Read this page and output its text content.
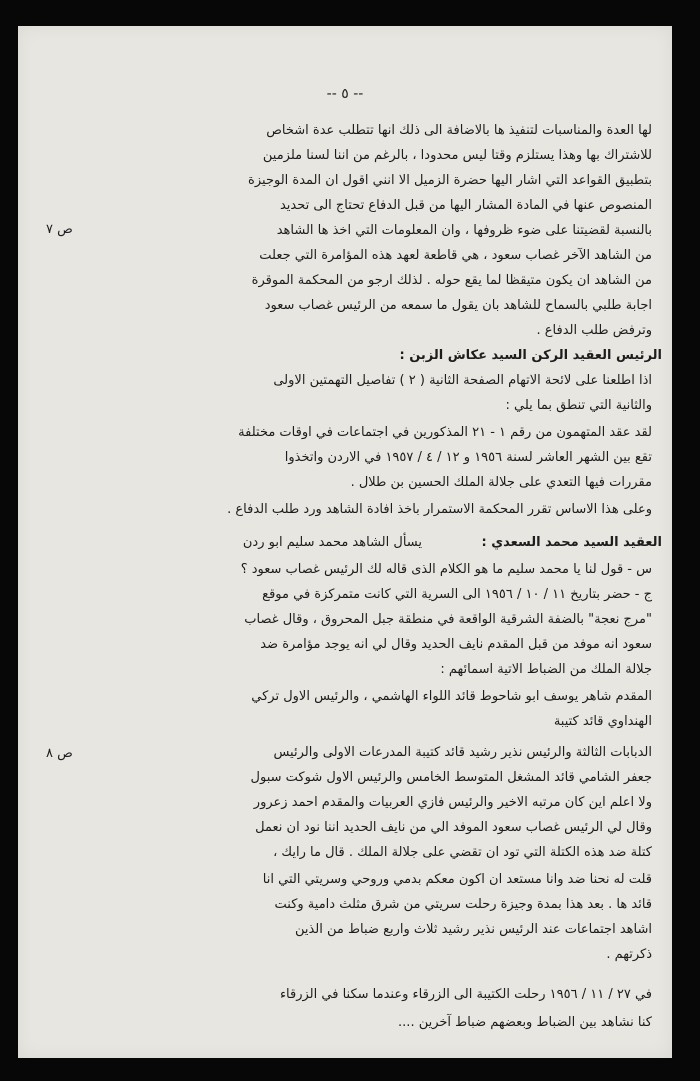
-- ٥ --
ص ٧
ص ٨
لها العدة والمناسبات لتنفيذ ها بالاضافة الى ذلك انها تتطلب عدة اشخاص
للاشتراك بها وهذا يستلزم وقتا ليس محدودا ، بالرغم من اننا لسنا ملزمين
بتطبيق القواعد التي اشار اليها حضرة الزميل الا انني اقول ان المدة الوجيزة
المنصوص عنها في المادة المشار اليها من قبل الدفاع تحتاج الى تحديد
بالنسبة لقضيتنا على ضوء ظروفها ، وان المعلومات التي اخذ ها الشاهد
من الشاهد الآخر غصاب سعود ، هي قاطعة لعهد هذه المؤامرة التي جعلت
من الشاهد ان يكون متيقظا لما يقع حوله . لذلك ارجو من المحكمة الموقرة
اجابة طلبي بالسماح للشاهد بان يقول ما سمعه من الرئيس غصاب سعود
وترفض طلب الدفاع .
الرئيس العقيد الركن السيد عكاش الزبن :
اذا اطلعنا على لائحة الاتهام الصفحة الثانية ( ٢ ) تفاصيل التهمتين الاولى
والثانية التي تنطق بما يلي :
لقد عقد المتهمون من رقم ١ - ٢١ المذكورين في اجتماعات في اوقات مختلفة
تقع بين الشهر العاشر لسنة ١٩٥٦ و ١٢ / ٤ / ١٩٥٧ في الاردن واتخذوا
مقررات فيها التعدي على جلالة الملك الحسين بن طلال .
وعلى هذا الاساس تقرر المحكمة الاستمرار باخذ افادة الشاهد ورد طلب الدفاع .
العقيد السيد محمد السعدي :
يسأل الشاهد محمد سليم ابو ردن
س - قول لنا يا محمد سليم ما هو الكلام الذى قاله لك الرئيس غصاب سعود ؟
ج - حضر بتاريخ ١١ / ١٠ / ١٩٥٦ الى السرية التي كانت متمركزة في موقع
"مرج نعجة" بالضفة الشرقية الواقعة في منطقة جبل المحروق ، وقال غصاب
سعود انه موفد من قبل المقدم نايف الحديد وقال لي انه يوجد مؤامرة ضد
جلالة الملك من الضباط الاتية اسمائهم :
المقدم شاهر يوسف ابو شاحوط قائد اللواء الهاشمي ، والرئيس الاول تركي
الهنداوي قائد كتيبة
الدبابات الثالثة والرئيس نذير رشيد قائد كتيبة المدرعات الاولى والرئيس
جعفر الشامي قائد المشغل المتوسط الخامس والرئيس الاول شوكت سبول
ولا اعلم اين كان مرتبه الاخير والرئيس فازي العربيات والمقدم احمد زعرور
وقال لي الرئيس غصاب سعود الموفد الي من نايف الحديد اننا نود ان نعمل
كتلة ضد هذه الكتلة التي تود ان تقضي على جلالة الملك . قال ما رايك ،
قلت له نحنا ضد وانا مستعد ان اكون معكم بدمي وروحي وسريتي التي انا
قائد ها . بعد هذا بمدة وجيزة رحلت سريتي من شرق مثلث دامية وكنت
اشاهد اجتماعات عند الرئيس نذير رشيد ثلاث واربع ضباط من الذين
ذكرتهم .
في ٢٧ / ١١ / ١٩٥٦ رحلت الكتيبة الى الزرقاء وعندما سكنا في الزرقاء
كنا نشاهد بين الضباط وبعضهم ضباط آخرين ....
